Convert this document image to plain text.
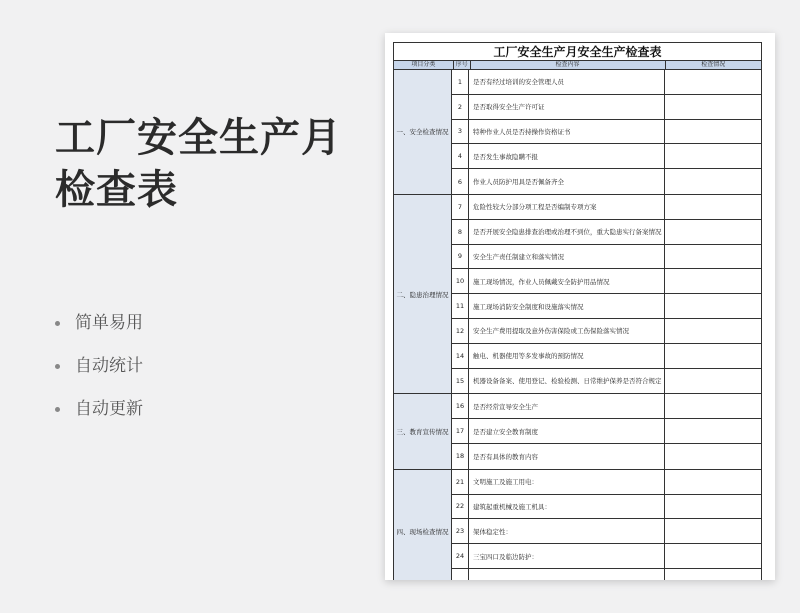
工厂安全生产月检查表
简单易用
自动统计
自动更新
工厂安全生产月安全生产检查表
项目分类	序号	检查内容	检查情况
一、安全检查情况
1	是否有经过培训的安全管理人员
2	是否取得安全生产许可证
3	特种作业人员是否持操作资格证书
4	是否发生事故隐瞒不报
6	作业人员防护用具是否佩备齐全
二、隐患治理情况
7	危险性较大分部分项工程是否编制专项方案
8	是否开展安全隐患排查治理或治理不到位，重大隐患实行备案情况
9	安全生产责任制建立和落实情况
10	施工现场情况，作业人员佩戴安全防护用品情况
11	施工现场消防安全制度和设施落实情况
12	安全生产费用提取及意外伤害保险或工伤保险落实情况
14	触电、机器使用等多发事故的预防情况
15	机器设备备案、使用登记、检验检测、日常维护保养是否符合规定
三、教育宣传情况
16	是否经常宣导安全生产
17	是否建立安全教育制度
18	是否有具体的教育内容
四、现场检查情况
21	文明施工及施工用电：
22	建筑起重机械及施工机具：
23	架体稳定性：
24	三宝四口及临边防护：
